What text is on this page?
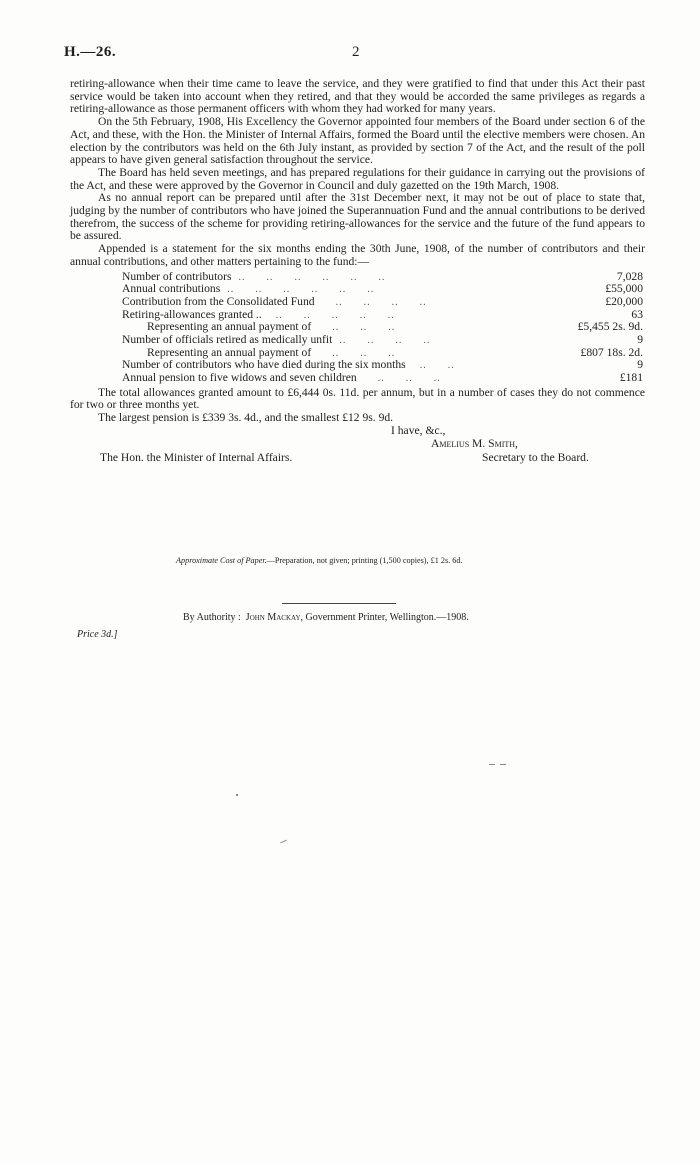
H.—26.	2

retiring-allowance when their time came to leave the service, and they were gratified to find that under this Act their past service would be taken into account when they retired, and that they would be accorded the same privileges as regards a retiring-allowance as those permanent officers with whom they had worked for many years.

On the 5th February, 1908, His Excellency the Governor appointed four members of the Board under section 6 of the Act, and these, with the Hon. the Minister of Internal Affairs, formed the Board until the elective members were chosen. An election by the contributors was held on the 6th July instant, as provided by section 7 of the Act, and the result of the poll appears to have given general satisfaction throughout the service.

The Board has held seven meetings, and has prepared regulations for their guidance in carrying out the provisions of the Act, and these were approved by the Governor in Council and duly gazetted on the 19th March, 1908.

As no annual report can be prepared until after the 31st December next, it may not be out of place to state that, judging by the number of contributors who have joined the Superannuation Fund and the annual contributions to be derived therefrom, the success of the scheme for providing retiring-allowances for the service and the future of the fund appears to be assured.

Appended is a statement for the six months ending the 30th June, 1908, of the number of contributors and their annual contributions, and other matters pertaining to the fund:—

Number of contributors ..      ..      ..      ..      ..      ..	7,028
Annual contributions ..      ..      ..      ..      ..      ..	£55,000
Contribution from the Consolidated Fund ..      ..      ..      ..	£20,000
Retiring-allowances granted .. ..      ..      ..      ..      ..	63
Representing an annual payment of ..      ..      ..	£5,455 2s. 9d.
Number of officials retired as medically unfit ..      ..      ..      ..	9
Representing an annual payment of ..      ..      ..	£807 18s. 2d.
Number of contributors who have died during the six months ..      ..	9
Annual pension to five widows and seven children ..      ..      ..	£181

The total allowances granted amount to £6,444 0s. 11d. per annum, but in a number of cases they do not commence for two or three months yet.

The largest pension is £339 3s. 4d., and the smallest £12 9s. 9d.

I have, &c.,
Amelius M. Smith,
The Hon. the Minister of Internal Affairs.	Secretary to the Board.
Approximate Cost of Paper.—Preparation, not given; printing (1,500 copies), £1 2s. 6d.
By Authority : John Mackay, Government Printer, Wellington.—1908.
Price 3d.]
